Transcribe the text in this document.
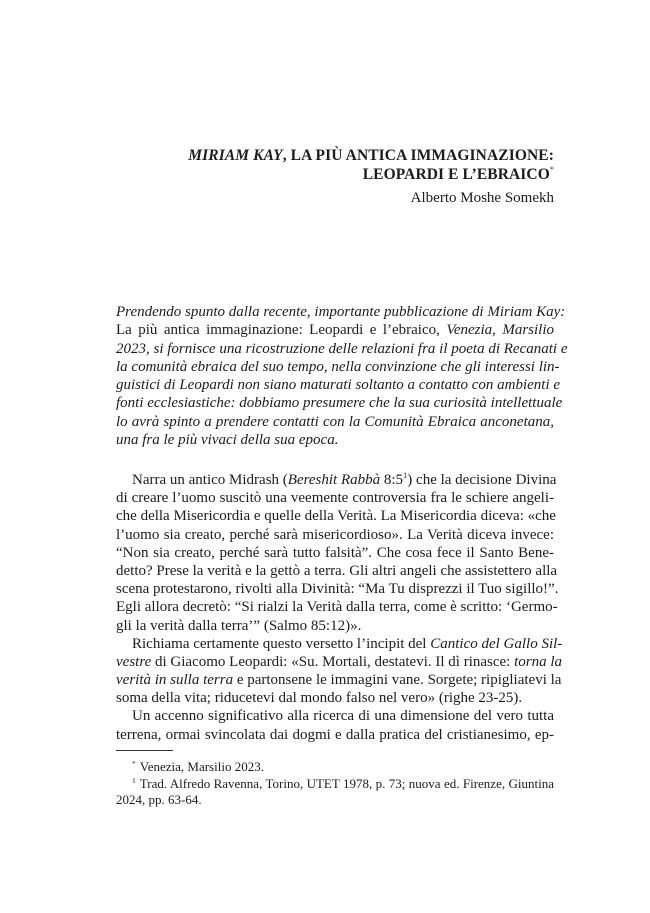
MIRIAM KAY, LA PIÙ ANTICA IMMAGINAZIONE:
LEOPARDI E L’EBRAICO*
Alberto Moshe Somekh
Prendendo spunto dalla recente, importante pubblicazione di Miriam Kay:
La più antica immaginazione: Leopardi e l’ebraico, Venezia, Marsilio
2023, si fornisce una ricostruzione delle relazioni fra il poeta di Recanati e
la comunità ebraica del suo tempo, nella convinzione che gli interessi lin-
guistici di Leopardi non siano maturati soltanto a contatto con ambienti e
fonti ecclesiastiche: dobbiamo presumere che la sua curiosità intellettuale
lo avrà spinto a prendere contatti con la Comunità Ebraica anconetana,
una fra le più vivaci della sua epoca.
Narra un antico Midrash (Bereshit Rabbà $8:5^1$) che la decisione Divina
di creare l’uomo suscitò una veemente controversia fra le schiere angeli-
che della Misericordia e quelle della Verità. La Misericordia diceva: «che
l’uomo sia creato, perché sarà misericordioso». La Verità diceva invece:
“Non sia creato, perché sarà tutto falsità”. Che cosa fece il Santo Bene-
detto? Prese la verità e la gettò a terra. Gli altri angeli che assistettero alla
scena protestarono, rivolti alla Divinità: “Ma Tu disprezzi il Tuo sigillo!”.
Egli allora decretò: “Si rialzi la Verità dalla terra, come è scritto: ‘Germo-
gli la verità dalla terra’” (Salmo 85:12)».
Richiama certamente questo versetto l’incipit del Cantico del Gallo Sil-
vestre di Giacomo Leopardi: «Su. Mortali, destatevi. Il dì rinasce: torna la
verità in sulla terra e partonsene le immagini vane. Sorgete; ripigliatevi la
soma della vita; riducetevi dal mondo falso nel vero» (righe 23-25).
Un accenno significativo alla ricerca di una dimensione del vero tutta
terrena, ormai svincolata dai dogmi e dalla pratica del cristianesimo, ep-
* Venezia, Marsilio 2023.
$^1$ Trad. Alfredo Ravenna, Torino, UTET 1978, p. 73; nuova ed. Firenze, Giuntina
2024, pp. 63-64.
